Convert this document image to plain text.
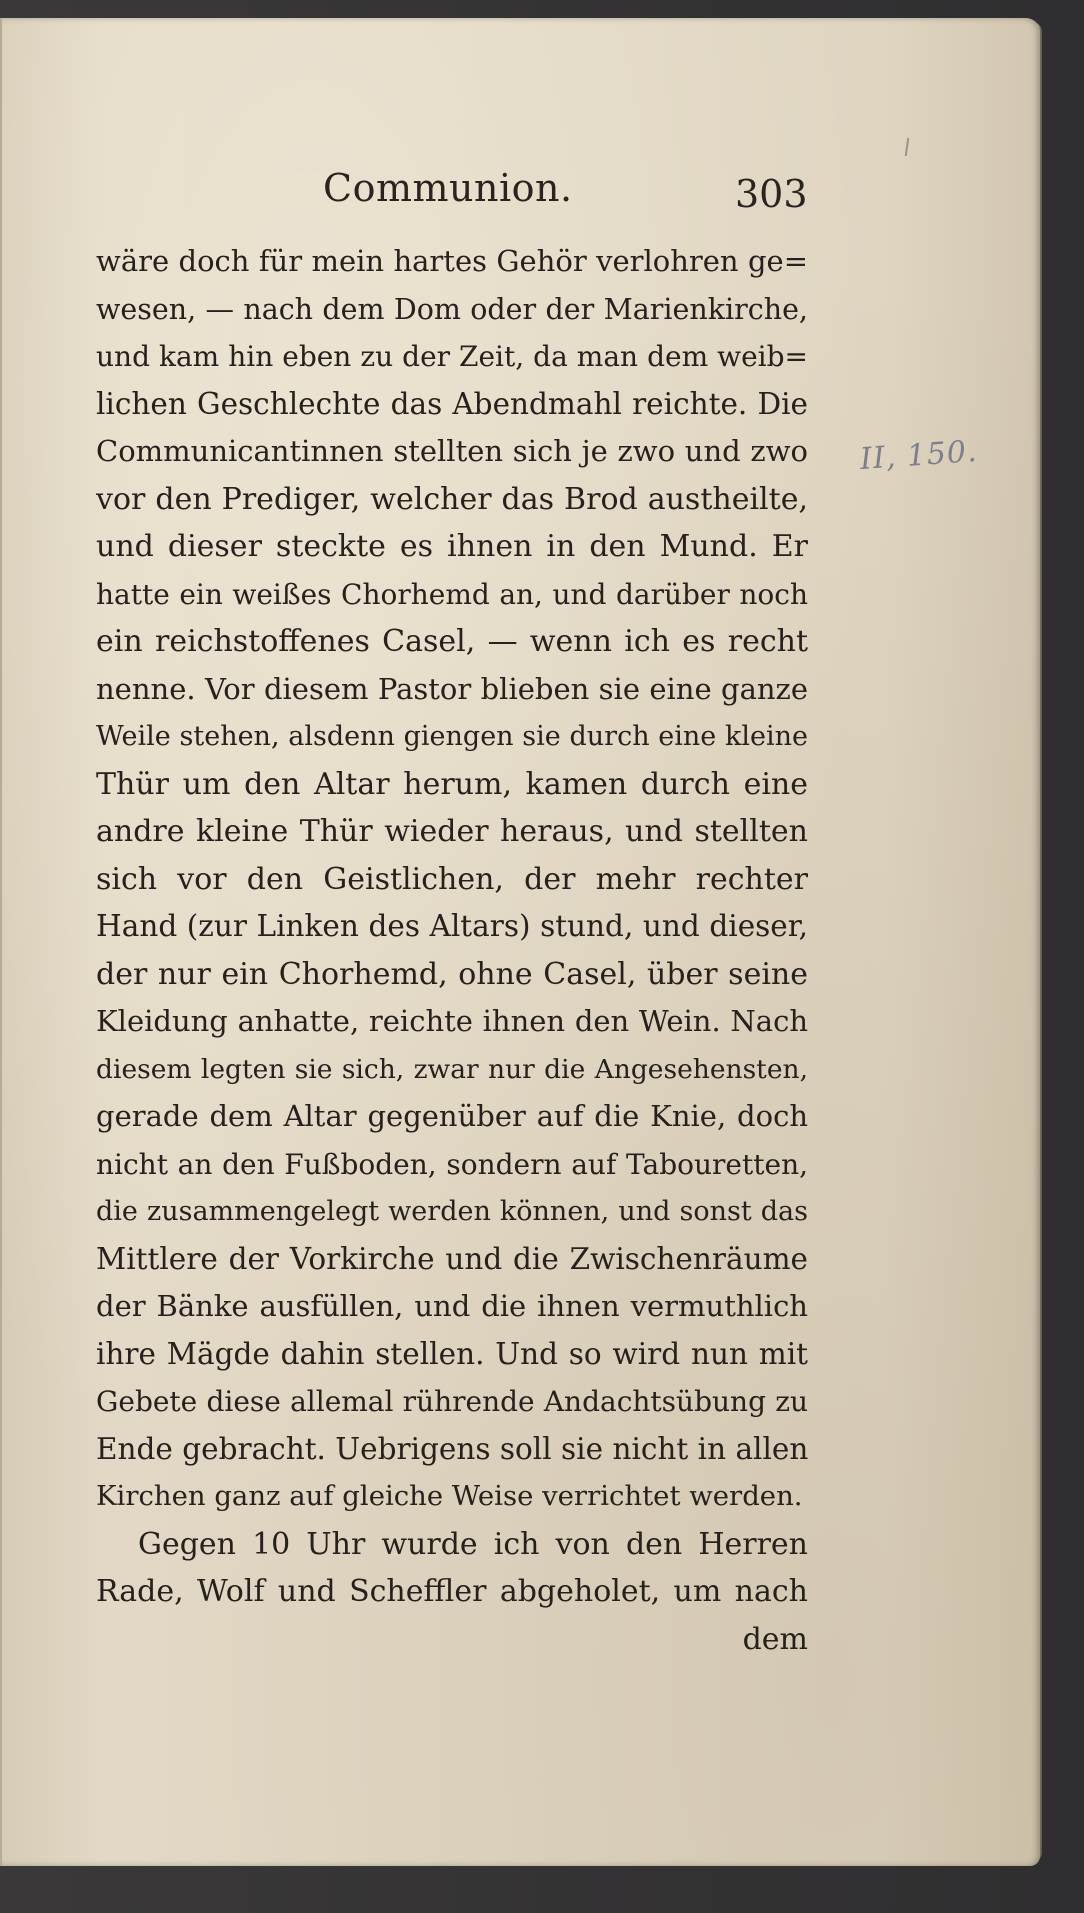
Communion.	303
II, 150.
wäre doch für mein hartes Gehör verlohren ge=
wesen, — nach dem Dom oder der Marienkirche,
und kam hin eben zu der Zeit, da man dem weib=
lichen Geschlechte das Abendmahl reichte. Die
Communicantinnen stellten sich je zwo und zwo
vor den Prediger, welcher das Brod austheilte,
und dieser steckte es ihnen in den Mund. Er
hatte ein weißes Chorhemd an, und darüber noch
ein reichstoffenes Casel, — wenn ich es recht
nenne. Vor diesem Pastor blieben sie eine ganze
Weile stehen, alsdenn giengen sie durch eine kleine
Thür um den Altar herum, kamen durch eine
andre kleine Thür wieder heraus, und stellten
sich vor den Geistlichen, der mehr rechter
Hand (zur Linken des Altars) stund, und dieser,
der nur ein Chorhemd, ohne Casel, über seine
Kleidung anhatte, reichte ihnen den Wein. Nach
diesem legten sie sich, zwar nur die Angesehensten,
gerade dem Altar gegenüber auf die Knie, doch
nicht an den Fußboden, sondern auf Tabouretten,
die zusammengelegt werden können, und sonst das
Mittlere der Vorkirche und die Zwischenräume
der Bänke ausfüllen, und die ihnen vermuthlich
ihre Mägde dahin stellen. Und so wird nun mit
Gebete diese allemal rührende Andachtsübung zu
Ende gebracht. Uebrigens soll sie nicht in allen
Kirchen ganz auf gleiche Weise verrichtet werden.
Gegen 10 Uhr wurde ich von den Herren
Rade, Wolf und Scheffler abgeholet, um nach
dem
